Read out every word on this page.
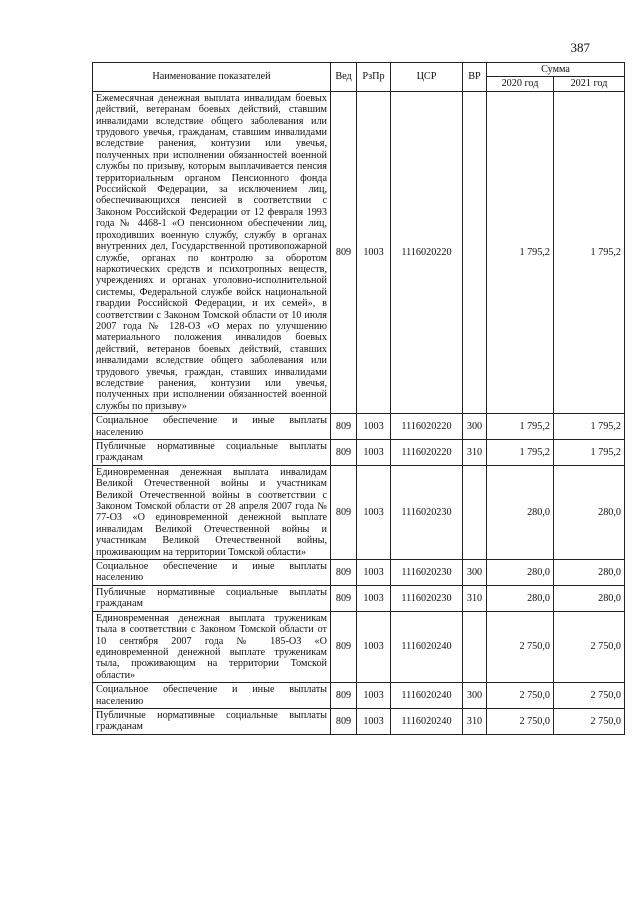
387
Наименование показателей	Вед	РзПр	ЦСР	ВР	Сумма	
					2020 год	2021 год
Ежемесячная денежная выплата инвалидам боевых действий, ветеранам боевых действий, ставшим инвалидами вследствие общего заболевания или трудового увечья, гражданам, ставшим инвалидами вследствие ранения, контузии или увечья, полученных при исполнении обязанностей военной службы по призыву, которым выплачивается пенсия территориальным органом Пенсионного фонда Российской Федерации, за исключением лиц, обеспечивающихся пенсией в соответствии с Законом Российской Федерации от 12 февраля 1993 года № 4468-1 «О пенсионном обеспечении лиц, проходивших военную службу, службу в органах внутренних дел, Государственной противопожарной службе, органах по контролю за оборотом наркотических средств и психотропных веществ, учреждениях и органах уголовно-исполнительной системы, Федеральной службе войск национальной гвардии Российской Федерации, и их семей», в соответствии с Законом Томской области от 10 июля 2007 года № 128-ОЗ «О мерах по улучшению материального положения инвалидов боевых действий, ветеранов боевых действий, ставших инвалидами вследствие общего заболевания или трудового увечья, граждан, ставших инвалидами вследствие ранения, контузии или увечья, полученных при исполнении обязанностей военной службы по призыву»	809	1003	1116020220		1 795,2	1 795,2
Социальное обеспечение и иные выплаты населению	809	1003	1116020220	300	1 795,2	1 795,2
Публичные нормативные социальные выплаты гражданам	809	1003	1116020220	310	1 795,2	1 795,2
Единовременная денежная выплата инвалидам Великой Отечественной войны и участникам Великой Отечественной войны в соответствии с Законом Томской области от 28 апреля 2007 года № 77-ОЗ «О единовременной денежной выплате инвалидам Великой Отечественной войны и участникам Великой Отечественной войны, проживающим на территории Томской области»	809	1003	1116020230		280,0	280,0
Социальное обеспечение и иные выплаты населению	809	1003	1116020230	300	280,0	280,0
Публичные нормативные социальные выплаты гражданам	809	1003	1116020230	310	280,0	280,0
Единовременная денежная выплата труженикам тыла в соответствии с Законом Томской области от 10 сентября 2007 года № 185-ОЗ «О единовременной денежной выплате труженикам тыла, проживающим на территории Томской области»	809	1003	1116020240		2 750,0	2 750,0
Социальное обеспечение и иные выплаты населению	809	1003	1116020240	300	2 750,0	2 750,0
Публичные нормативные социальные выплаты гражданам	809	1003	1116020240	310	2 750,0	2 750,0
